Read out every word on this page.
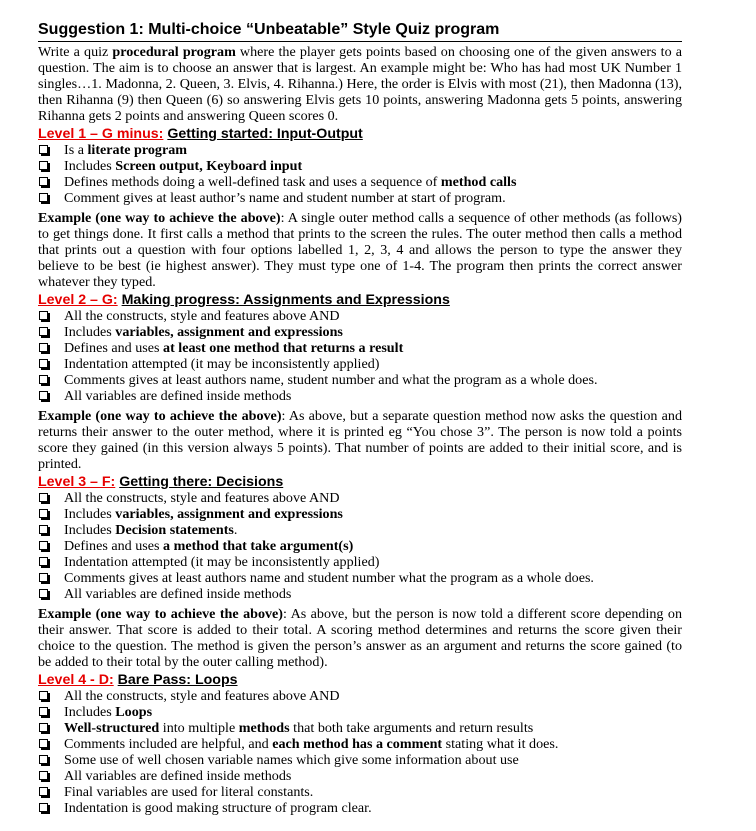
Suggestion 1: Multi-choice “Unbeatable” Style Quiz program

Write a quiz procedural program where the player gets points based on choosing one of the given answers to a question. The aim is to choose an answer that is largest. An example might be: Who has had most UK Number 1 singles…1. Madonna, 2. Queen, 3. Elvis, 4. Rihanna.) Here, the order is Elvis with most (21), then Madonna (13), then Rihanna (9) then Queen (6) so answering Elvis gets 10 points, answering Madonna gets 5 points, answering Rihanna gets 2 points and answering Queen scores 0.

Level 1 – G minus: Getting started: Input-Output
Is a literate program
Includes Screen output, Keyboard input
Defines methods doing a well-defined task and uses a sequence of method calls
Comment gives at least author’s name and student number at start of program.

Example (one way to achieve the above): A single outer method calls a sequence of other methods (as follows) to get things done. It first calls a method that prints to the screen the rules. The outer method then calls a method that prints out a question with four options labelled 1, 2, 3, 4 and allows the person to type the answer they believe to be best (ie highest answer). They must type one of 1-4. The program then prints the correct answer whatever they typed.

Level 2 – G: Making progress: Assignments and Expressions
All the constructs, style and features above AND
Includes variables, assignment and expressions
Defines and uses at least one method that returns a result
Indentation attempted (it may be inconsistently applied)
Comments gives at least authors name, student number and what the program as a whole does.
All variables are defined inside methods

Example (one way to achieve the above): As above, but a separate question method now asks the question and returns their answer to the outer method, where it is printed eg “You chose 3”. The person is now told a points score they gained (in this version always 5 points). That number of points are added to their initial score, and is printed.

Level 3 – F: Getting there: Decisions
All the constructs, style and features above AND
Includes variables, assignment and expressions
Includes Decision statements.
Defines and uses a method that take argument(s)
Indentation attempted (it may be inconsistently applied)
Comments gives at least authors name and student number what the program as a whole does.
All variables are defined inside methods

Example (one way to achieve the above): As above, but the person is now told a different score depending on their answer. That score is added to their total. A scoring method determines and returns the score given their choice to the question. The method is given the person’s answer as an argument and returns the score gained (to be added to their total by the outer calling method).

Level 4 - D: Bare Pass: Loops
All the constructs, style and features above AND
Includes Loops
Well-structured into multiple methods that both take arguments and return results
Comments included are helpful, and each method has a comment stating what it does.
Some use of well chosen variable names which give some information about use
All variables are defined inside methods
Final variables are used for literal constants.
Indentation is good making structure of program clear.
